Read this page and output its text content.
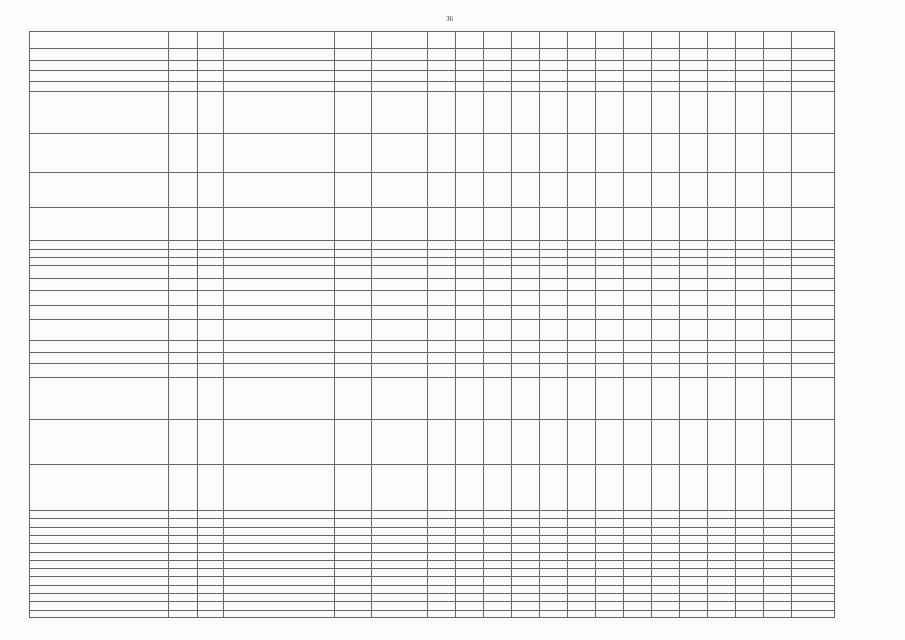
36
